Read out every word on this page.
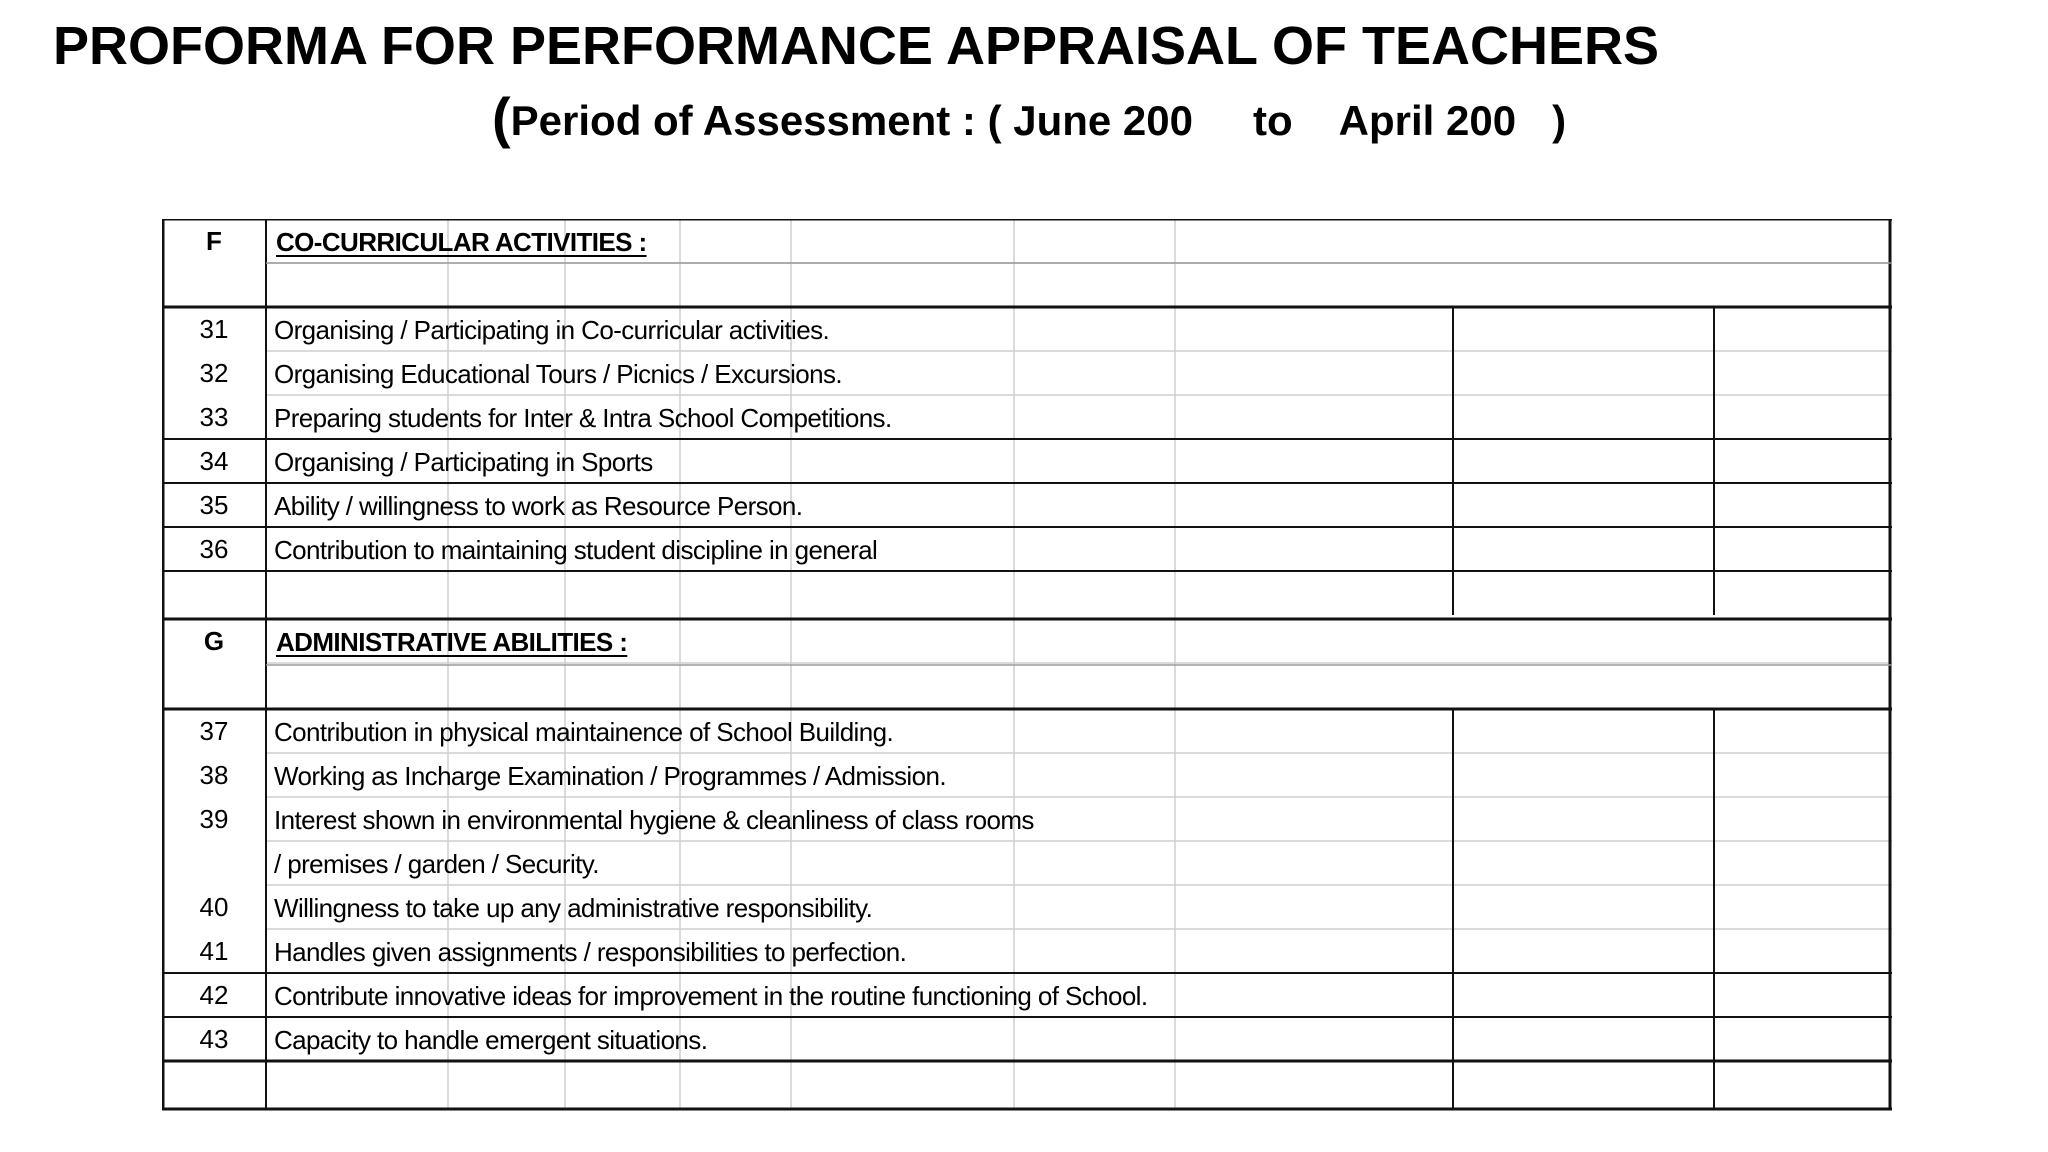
PROFORMA FOR PERFORMANCE APPRAISAL OF TEACHERS
(Period of Assessment : ( June 200 to April 200 )
F	CO-CURRICULAR ACTIVITIES :
31	Organising / Participating in Co-curricular activities.
32	Organising Educational Tours / Picnics / Excursions.
33	Preparing students for Inter & Intra School Competitions.
34	Organising / Participating in Sports
35	Ability / willingness to work as Resource Person.
36	Contribution to maintaining student discipline in general
G	ADMINISTRATIVE ABILITIES :
37	Contribution in physical maintainence of School Building.
38	Working as Incharge Examination / Programmes / Admission.
39	Interest shown in environmental hygiene & cleanliness of class rooms
/ premises / garden / Security.
40	Willingness to take up any administrative responsibility.
41	Handles given assignments / responsibilities to perfection.
42	Contribute innovative ideas for improvement in the routine functioning of School.
43	Capacity to handle emergent situations.
